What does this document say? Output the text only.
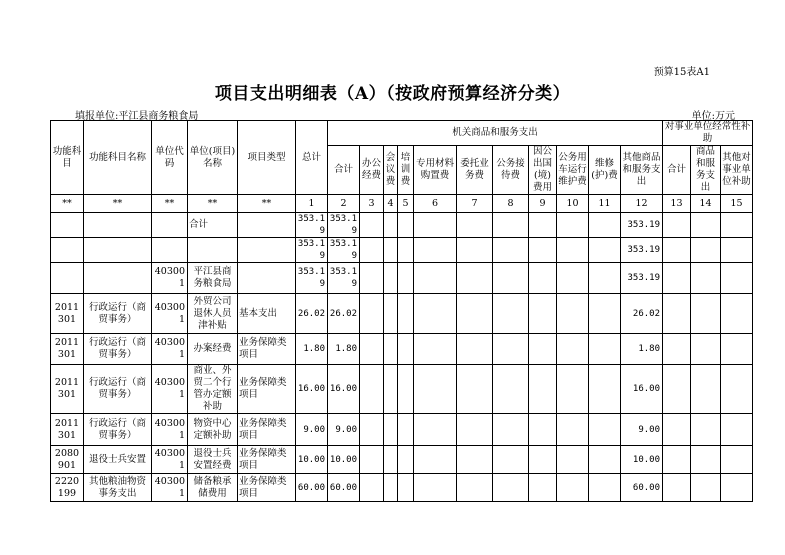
预算15表A1
项目支出明细表（A）（按政府预算经济分类）
填报单位:平江县商务粮食局	单位:万元
功能科目	功能科目名称	单位代码	单位(项目)名称	项目类型	总计	机关商品和服务支出											对事业单位经常性补助		
						合计	办公经费	会议费	培训费	专用材料购置费	委托业务费	公务接待费	因公出国(境)费用	公务用车运行维护费	维修(护)费	其他商品和服务支出	合计	商品和服务支出	其他对事业单位补助
**	**	**	**	**	1	2	3	4	5	6	7	8	9	10	11	12	13	14	15
			合计		353.19	353.19										353.19			
					353.19	353.19										353.19			
		403001	平江县商务粮食局		353.19	353.19										353.19			
2011301	行政运行（商贸事务）	403001	外贸公司退休人员津补贴	基本支出	26.02	26.02										26.02			
2011301	行政运行（商贸事务）	403001	办案经费	业务保障类项目	1.80	1.80										1.80			
2011301	行政运行（商贸事务）	403001	商业、外贸二个行管办定额补助	业务保障类项目	16.00	16.00										16.00			
2011301	行政运行（商贸事务）	403001	物资中心定额补助	业务保障类项目	9.00	9.00										9.00			
2080901	退役士兵安置	403001	退役士兵安置经费	业务保障类项目	10.00	10.00										10.00			
2220199	其他粮油物资事务支出	403001	储备粮承储费用	业务保障类项目	60.00	60.00										60.00			
